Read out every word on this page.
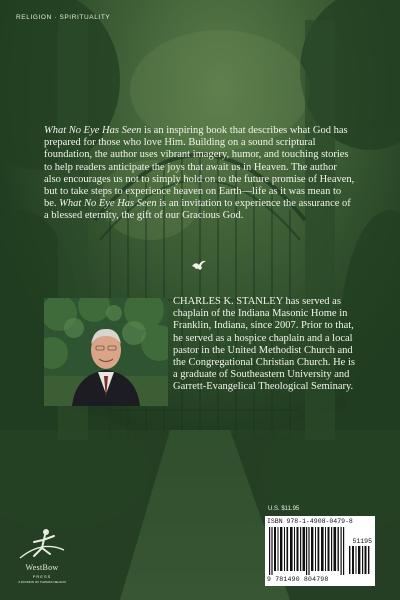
RELIGION · SPIRITUALITY
What No Eye Has Seen is an inspiring book that describes what God has prepared for those who love Him. Building on a sound scriptural foundation, the author uses vibrant imagery, humor, and touching stories to help readers anticipate the joys that await us in Heaven. The author also encourages us not to simply hold on to the future promise of Heaven, but to take steps to experience heaven on Earth—life as it was mean to be. What No Eye Has Seen is an invitation to experience the assurance of a blessed eternity, the gift of our Gracious God.
CHARLES K. STANLEY has served as chaplain of the Indiana Masonic Home in Franklin, Indiana, since 2007. Prior to that, he served as a hospice chaplain and a local pastor in the United Methodist Church and the Congregational Christian Church. He is a graduate of Southeastern University and Garrett-Evangelical Theological Seminary.
U.S. $11.95
ISBN 978-1-4908-0479-8
51195
9 781490 804798
WestBow
PRESS
A DIVISION OF THOMAS NELSON
